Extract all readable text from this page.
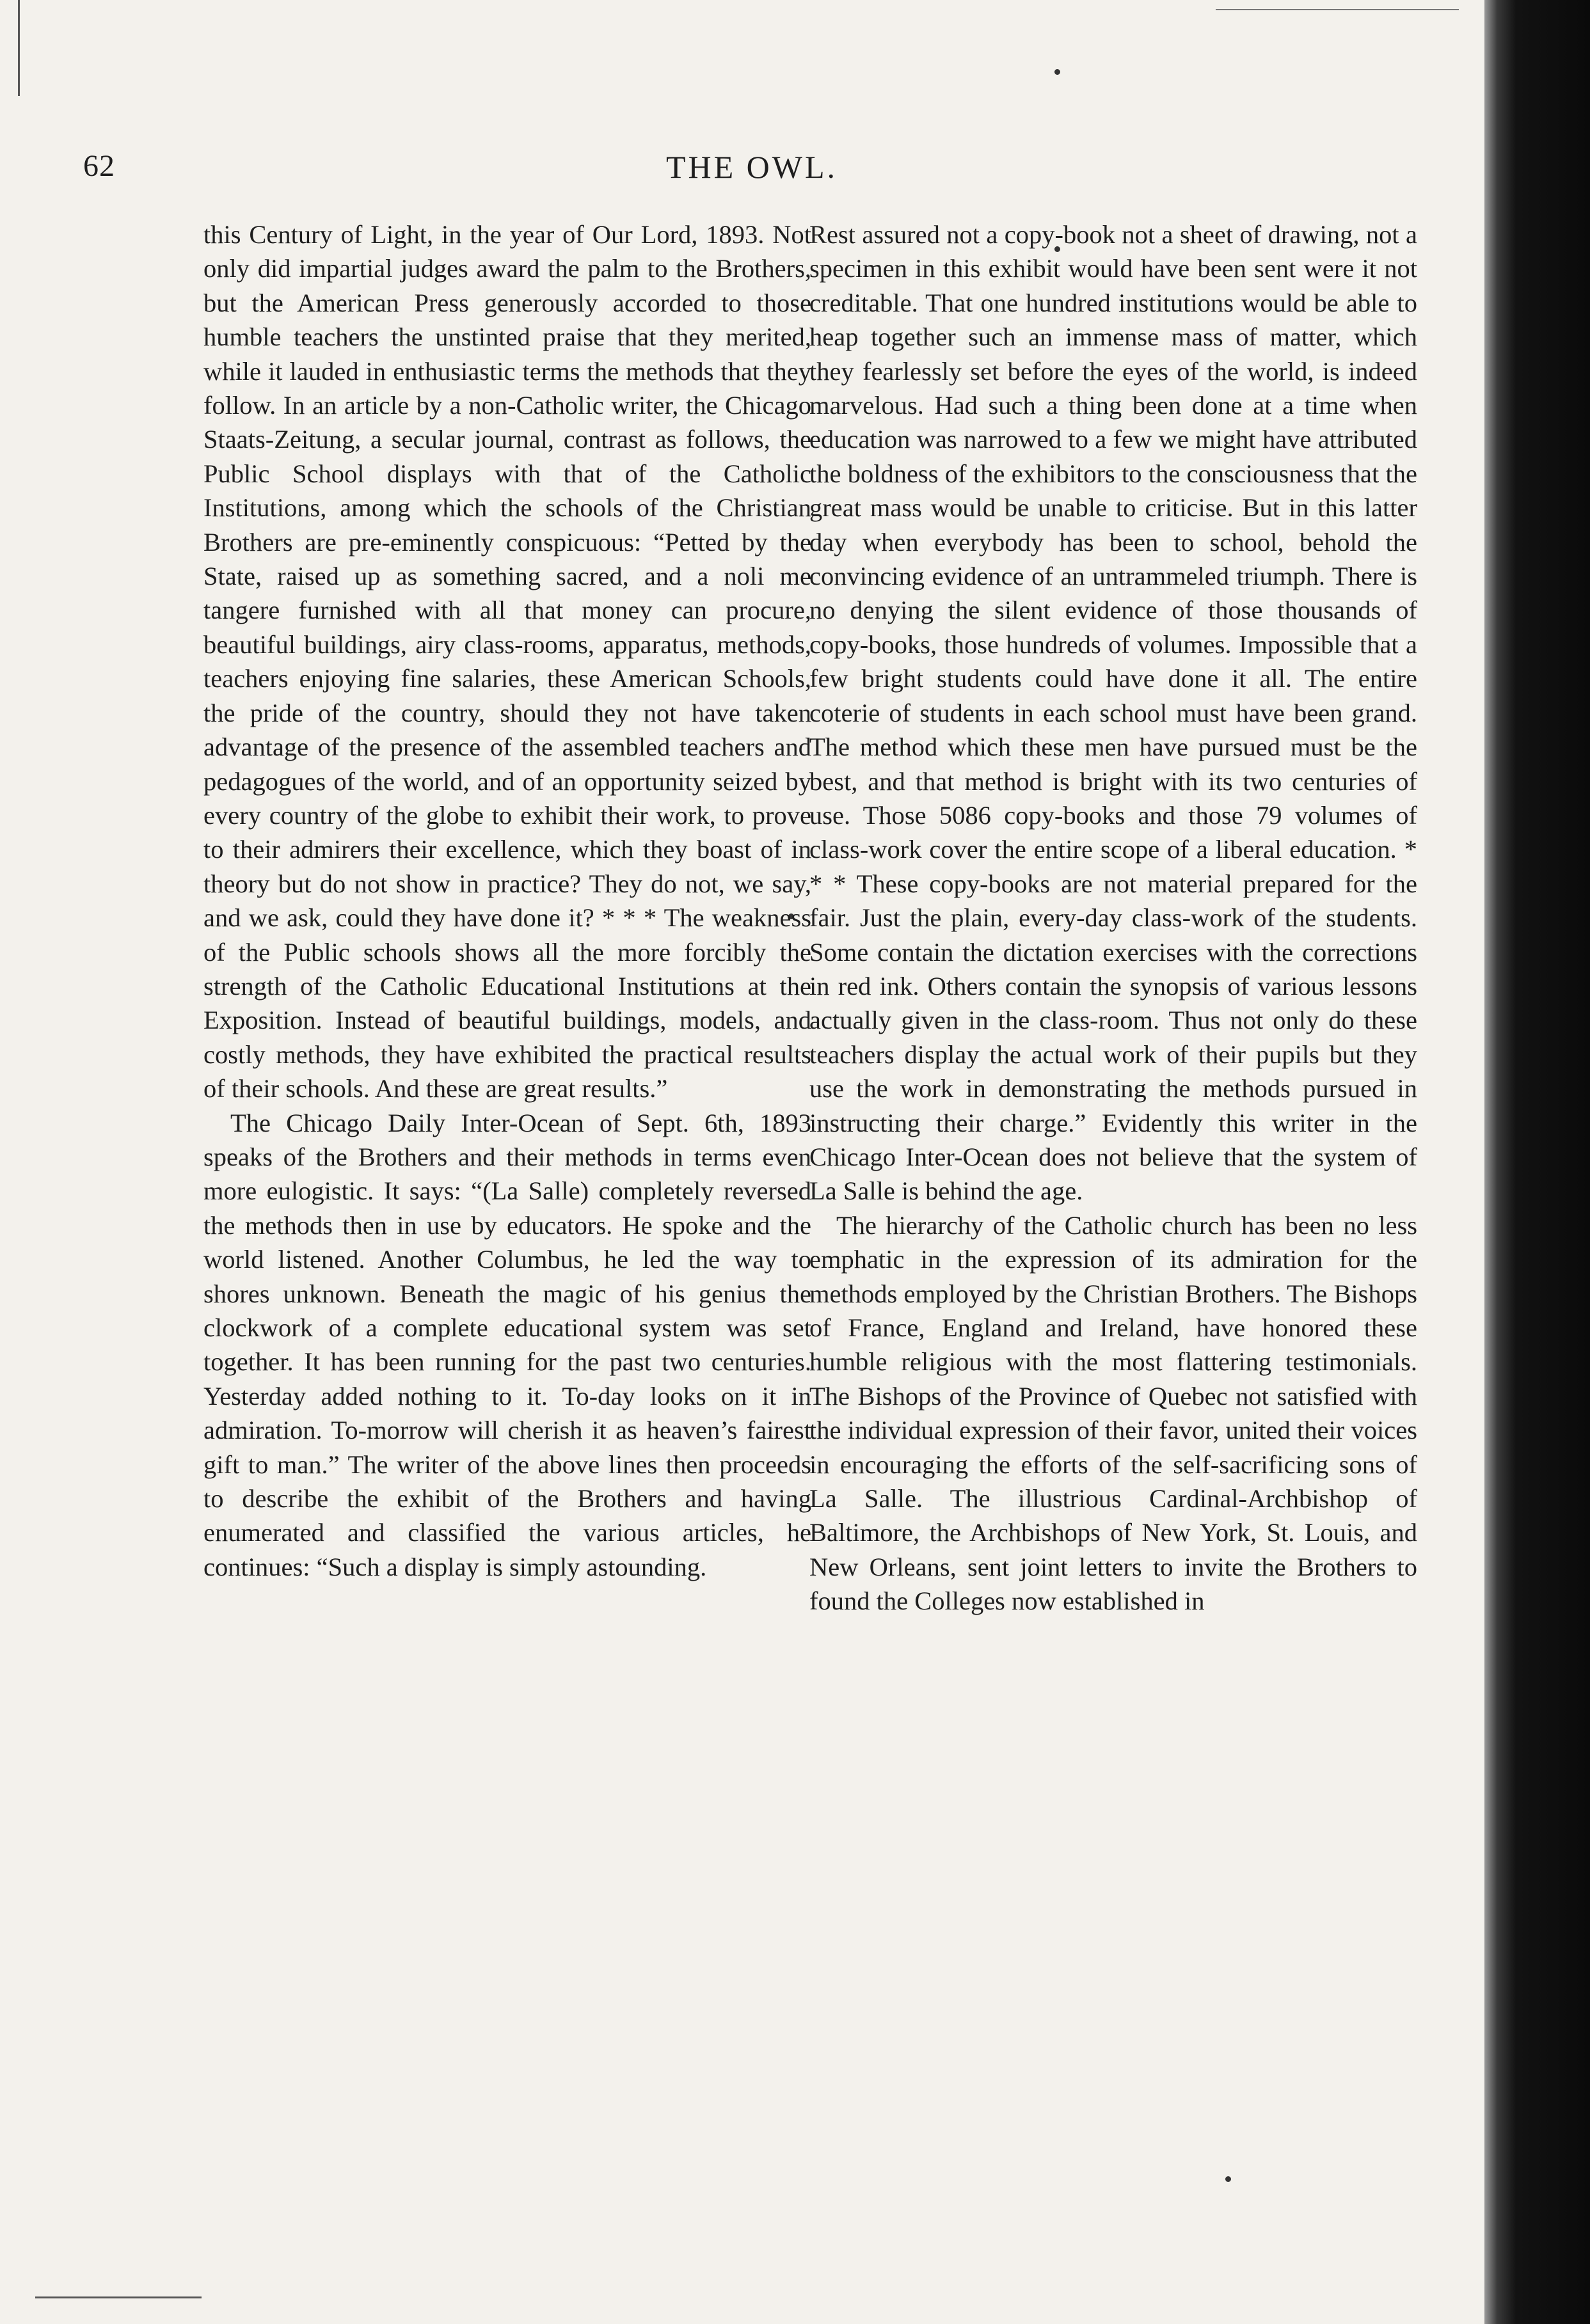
62	THE OWL.

this Century of Light, in the year of Our Lord, 1893. Not only did impartial judges award the palm to the Brothers, but the American Press generously accorded to those humble teachers the unstinted praise that they merited, while it lauded in enthusiastic terms the methods that they follow. In an article by a non-Catholic writer, the Chicago Staats-Zeitung, a secular journal, contrast as follows, the Public School displays with that of the Catholic Institutions, among which the schools of the Christian Brothers are pre-eminently conspicuous: “Petted by the State, raised up as something sacred, and a noli me tangere furnished with all that money can procure, beautiful buildings, airy class-rooms, apparatus, methods, teachers enjoying fine salaries, these American Schools, the pride of the country, should they not have taken advantage of the presence of the assembled teachers and pedagogues of the world, and of an opportunity seized by every country of the globe to exhibit their work, to prove to their admirers their excellence, which they boast of in theory but do not show in practice? They do not, we say, and we ask, could they have done it? * * * The weakness of the Public schools shows all the more forcibly the strength of the Catholic Educational Institutions at the Exposition. Instead of beautiful buildings, models, and costly methods, they have exhibited the practical results of their schools. And these are great results.”

The Chicago Daily Inter-Ocean of Sept. 6th, 1893 speaks of the Brothers and their methods in terms even more eulogistic. It says: “(La Salle) completely reversed the methods then in use by educators. He spoke and the world listened. Another Columbus, he led the way to shores unknown. Beneath the magic of his genius the clockwork of a complete educational system was set together. It has been running for the past two centuries. Yesterday added nothing to it. To-day looks on it in admiration. To-morrow will cherish it as heaven’s fairest gift to man.” The writer of the above lines then proceeds to describe the exhibit of the Brothers and having enumerated and classified the various articles, he continues: “Such a display is simply astounding.

Rest assured not a copy-book not a sheet of drawing, not a specimen in this exhibit would have been sent were it not creditable. That one hundred institutions would be able to heap together such an immense mass of matter, which they fearlessly set before the eyes of the world, is indeed marvelous. Had such a thing been done at a time when education was narrowed to a few we might have attributed the boldness of the exhibitors to the consciousness that the great mass would be unable to criticise. But in this latter day when everybody has been to school, behold the convincing evidence of an untrammeled triumph. There is no denying the silent evidence of those thousands of copy-books, those hundreds of volumes. Impossible that a few bright students could have done it all. The entire coterie of students in each school must have been grand. The method which these men have pursued must be the best, and that method is bright with its two centuries of use. Those 5086 copy-books and those 79 volumes of class-work cover the entire scope of a liberal education. * * * These copy-books are not material prepared for the fair. Just the plain, every-day class-work of the students. Some contain the dictation exercises with the corrections in red ink. Others contain the synopsis of various lessons actually given in the class-room. Thus not only do these teachers display the actual work of their pupils but they use the work in demonstrating the methods pursued in instructing their charge.” Evidently this writer in the Chicago Inter-Ocean does not believe that the system of La Salle is behind the age.

The hierarchy of the Catholic church has been no less emphatic in the expression of its admiration for the methods employed by the Christian Brothers. The Bishops of France, England and Ireland, have honored these humble religious with the most flattering testimonials. The Bishops of the Province of Quebec not satisfied with the individual expression of their favor, united their voices in encouraging the efforts of the self-sacrificing sons of La Salle. The illustrious Cardinal-Archbishop of Baltimore, the Archbishops of New York, St. Louis, and New Orleans, sent joint letters to invite the Brothers to found the Colleges now established in
